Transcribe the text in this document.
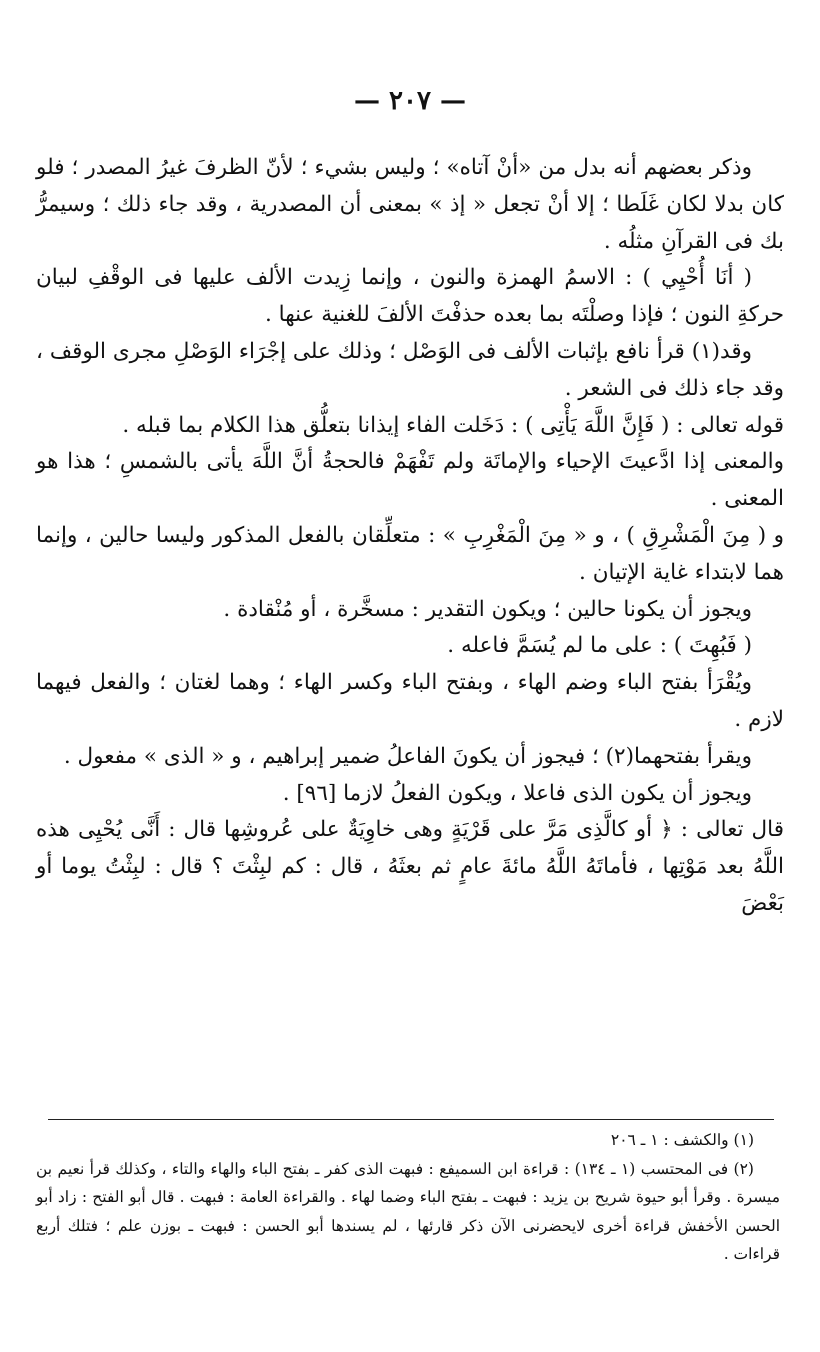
— ٢٠٧ —

وذكر بعضهم أنه بدل من «أنْ آتاه» ؛ وليس بشيء ؛ لأنّ الظرفَ غيرُ المصدر ؛ فلو كان بدلا لكان غَلَطا ؛ إلا أنْ تجعل « إذ » بمعنى أن المصدرية ، وقد جاء ذلك ؛ وسيمرُّ بك فى القرآنِ مثلُه .

( أنَا أُحْيِي ) : الاسمُ الهمزة والنون ، وإنما زِيدت الألف عليها فى الوقْفِ لبيان حركةِ النون ؛ فإذا وصلْتَه بما بعده حذفْتَ الألفَ للغنية عنها .

وقد(١) قرأ نافع بإثبات الألف فى الوَصْل ؛ وذلك على إجْرَاء الوَصْلِ مجرى الوقف ، وقد جاء ذلك فى الشعر .

قوله تعالى : ( فَإِنَّ اللَّهَ يَأْتِى ) : دَخَلت الفاء إيذانا بتعلُّق هذا الكلام بما قبله .

والمعنى إذا ادَّعيتَ الإحياء والإماتَة ولم تَفْهَمْ فالحجةُ أنَّ اللَّهَ يأتى بالشمسِ ؛ هذا هو المعنى .

و ( مِنَ الْمَشْرِقِ ) ، و « مِنَ الْمَغْرِبِ » : متعلِّقان بالفعل المذكور وليسا حالين ، وإنما هما لابتداء غاية الإتيان .

ويجوز أن يكونا حالين ؛ ويكون التقدير : مسخَّرة ، أو مُنْقادة .

( فَبُهِتَ ) : على ما لم يُسَمَّ فاعله .

ويُقْرَأ بفتح الباء وضم الهاء ، وبفتح الباء وكسر الهاء ؛ وهما لغتان ؛ والفعل فيهما لازم .

ويقرأ بفتحهما(٢) ؛ فيجوز أن يكونَ الفاعلُ ضمير إبراهيم ، و « الذى » مفعول .

ويجوز أن يكون الذى فاعلا ، ويكون الفعلُ لازما [٩٦] .

قال تعالى : ﴿ أو كالَّذِى مَرَّ على قَرْيَةٍ وهى خاوِيَةٌ على عُروشِها قال : أَنَّى يُحْيِى هذه اللَّهُ بعد مَوْتِها ، فأماتَهُ اللَّهُ مائةَ عامٍ ثم بعثَهُ ، قال : كم لبِثْتَ ؟ قال : لبِثْتُ يوما أو بَعْضَ

(١) والكشف : ١ ـ ٢٠٦

(٢) فى المحتسب (١ ـ ١٣٤) : قراءة ابن السميفع : فبهت الذى كفر ـ بفتح الباء والهاء والتاء ، وكذلك قرأ نعيم بن ميسرة . وقرأ أبو حيوة شريح بن يزيد : فبهت ـ بفتح الباء وضما لهاء . والقراءة العامة : فبهت . قال أبو الفتح : زاد أبو الحسن الأخفش قراءة أخرى لايحضرنى الآن ذكر قارئها ، لم يسندها أبو الحسن : فبهت ـ بوزن علم ؛ فتلك أربع قراءات .
